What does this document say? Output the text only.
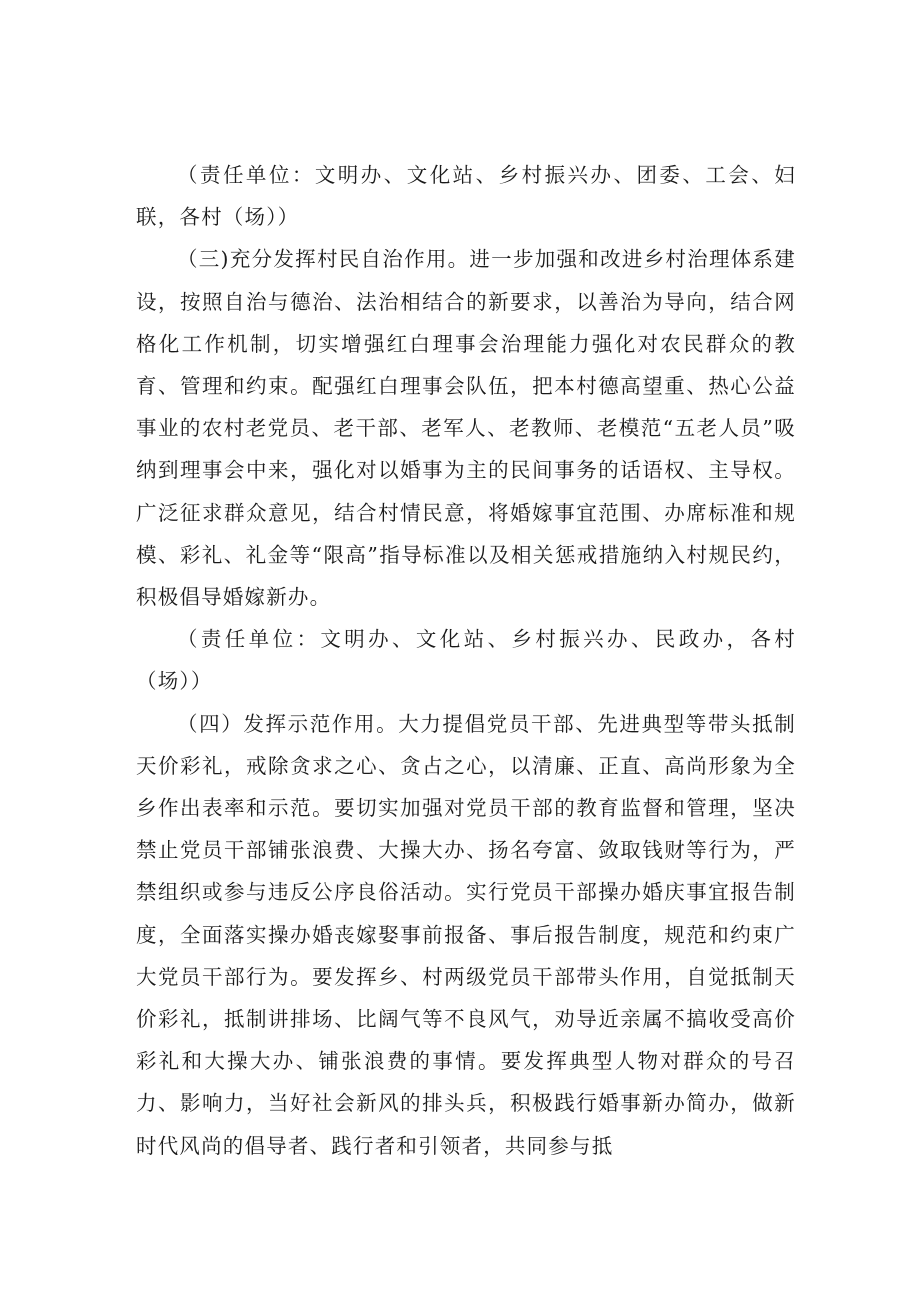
（责任单位：文明办、文化站、乡村振兴办、团委、工会、妇联，各村（场））

（三)充分发挥村民自治作用。进一步加强和改进乡村治理体系建设，按照自治与德治、法治相结合的新要求，以善治为导向，结合网格化工作机制，切实增强红白理事会治理能力强化对农民群众的教育、管理和约束。配强红白理事会队伍，把本村德高望重、热心公益事业的农村老党员、老干部、老军人、老教师、老模范“五老人员”吸纳到理事会中来，强化对以婚事为主的民间事务的话语权、主导权。广泛征求群众意见，结合村情民意，将婚嫁事宜范围、办席标准和规模、彩礼、礼金等“限高”指导标准以及相关惩戒措施纳入村规民约，积极倡导婚嫁新办。

（责任单位：文明办、文化站、乡村振兴办、民政办，各村（场））

（四）发挥示范作用。大力提倡党员干部、先进典型等带头抵制天价彩礼，戒除贪求之心、贪占之心，以清廉、正直、高尚形象为全乡作出表率和示范。要切实加强对党员干部的教育监督和管理，坚决禁止党员干部铺张浪费、大操大办、扬名夸富、敛取钱财等行为，严禁组织或参与违反公序良俗活动。实行党员干部操办婚庆事宜报告制度，全面落实操办婚丧嫁娶事前报备、事后报告制度，规范和约束广大党员干部行为。要发挥乡、村两级党员干部带头作用，自觉抵制天价彩礼，抵制讲排场、比阔气等不良风气，劝导近亲属不搞收受高价彩礼和大操大办、铺张浪费的事情。要发挥典型人物对群众的号召力、影响力，当好社会新风的排头兵，积极践行婚事新办简办，做新时代风尚的倡导者、践行者和引领者，共同参与抵
